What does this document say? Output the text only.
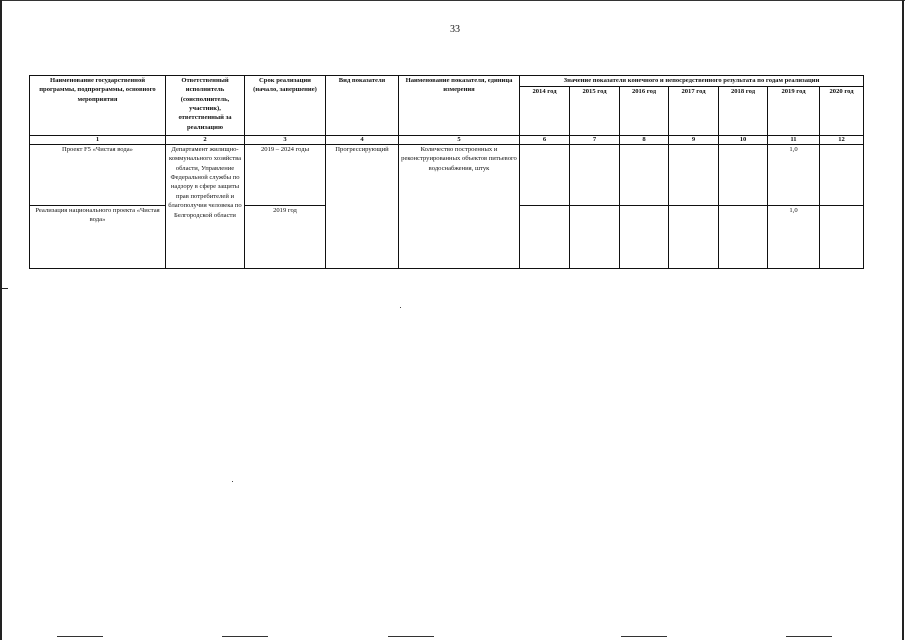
33
Наименование государственной программы, подпрограммы, основного мероприятия	Ответственный исполнитель (соисполнитель, участник), ответственный за реализацию	Срок реализации (начало, завершение)	Вид показателя	Наименование показателя, единица измерения	Значение показателя конечного и непосредственного результата по годам реализации						
					2014 год	2015 год	2016 год	2017 год	2018 год	2019 год	2020 год
1	2	3	4	5	6	7	8	9	10	11	12
Проект F5 «Чистая вода»	Департамент жилищно-коммунального хозяйства области, Управление Федеральной службы по надзору в сфере защиты прав потребителей и благополучия человека по Белгородской области	2019 – 2024 годы	Прогрессирующий	Количество построенных и реконструированных объектов питьевого водоснабжения, штук						1,0	
Реализация национального проекта «Чистая вода»		2019 год								1,0	
